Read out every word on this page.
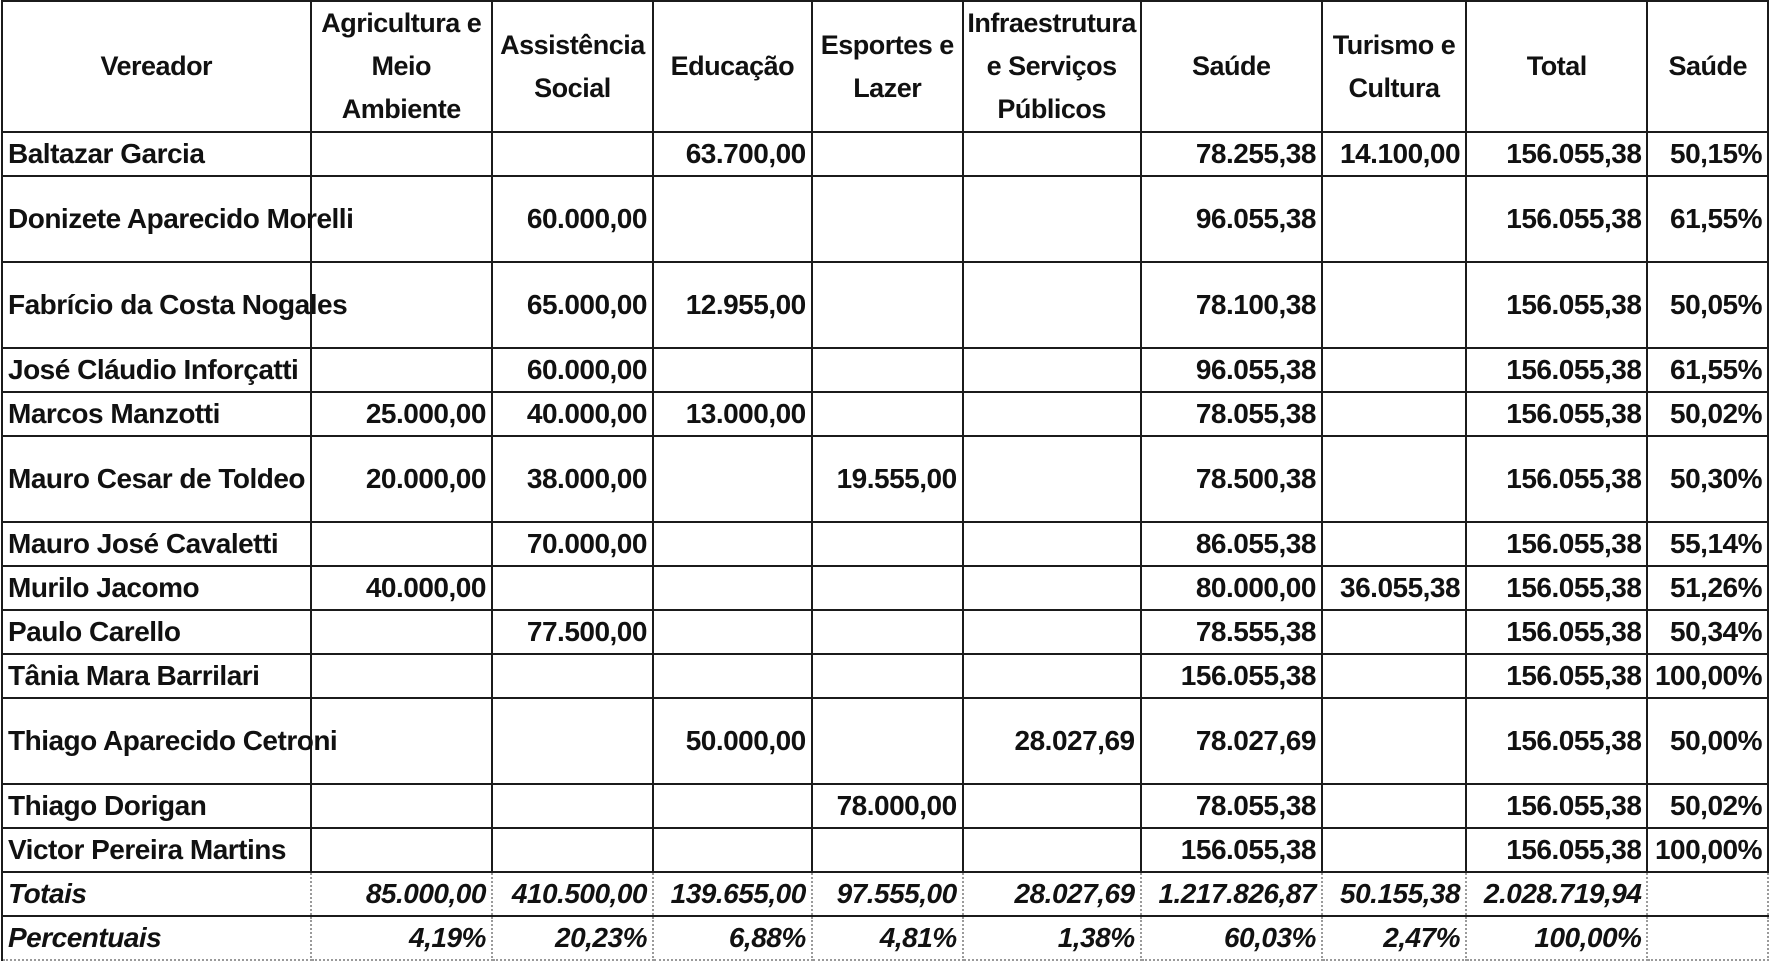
Vereador	Agricultura e Meio Ambiente	Assistência Social	Educação	Esportes e Lazer	Infraestrutura e Serviços Públicos	Saúde	Turismo e Cultura	Total	Saúde
Baltazar Garcia			63.700,00			78.255,38	14.100,00	156.055,38	50,15%
Donizete Aparecido Morelli		60.000,00				96.055,38		156.055,38	61,55%
Fabrício da Costa Nogales		65.000,00	12.955,00			78.100,38		156.055,38	50,05%
José Cláudio Inforçatti		60.000,00				96.055,38		156.055,38	61,55%
Marcos Manzotti	25.000,00	40.000,00	13.000,00			78.055,38		156.055,38	50,02%
Mauro Cesar de Toldeo	20.000,00	38.000,00		19.555,00		78.500,38		156.055,38	50,30%
Mauro José Cavaletti		70.000,00				86.055,38		156.055,38	55,14%
Murilo Jacomo	40.000,00					80.000,00	36.055,38	156.055,38	51,26%
Paulo Carello		77.500,00				78.555,38		156.055,38	50,34%
Tânia Mara Barrilari						156.055,38		156.055,38	100,00%
Thiago Aparecido Cetroni			50.000,00		28.027,69	78.027,69		156.055,38	50,00%
Thiago Dorigan				78.000,00		78.055,38		156.055,38	50,02%
Victor Pereira Martins						156.055,38		156.055,38	100,00%
Totais	85.000,00	410.500,00	139.655,00	97.555,00	28.027,69	1.217.826,87	50.155,38	2.028.719,94	
Percentuais	4,19%	20,23%	6,88%	4,81%	1,38%	60,03%	2,47%	100,00%	
